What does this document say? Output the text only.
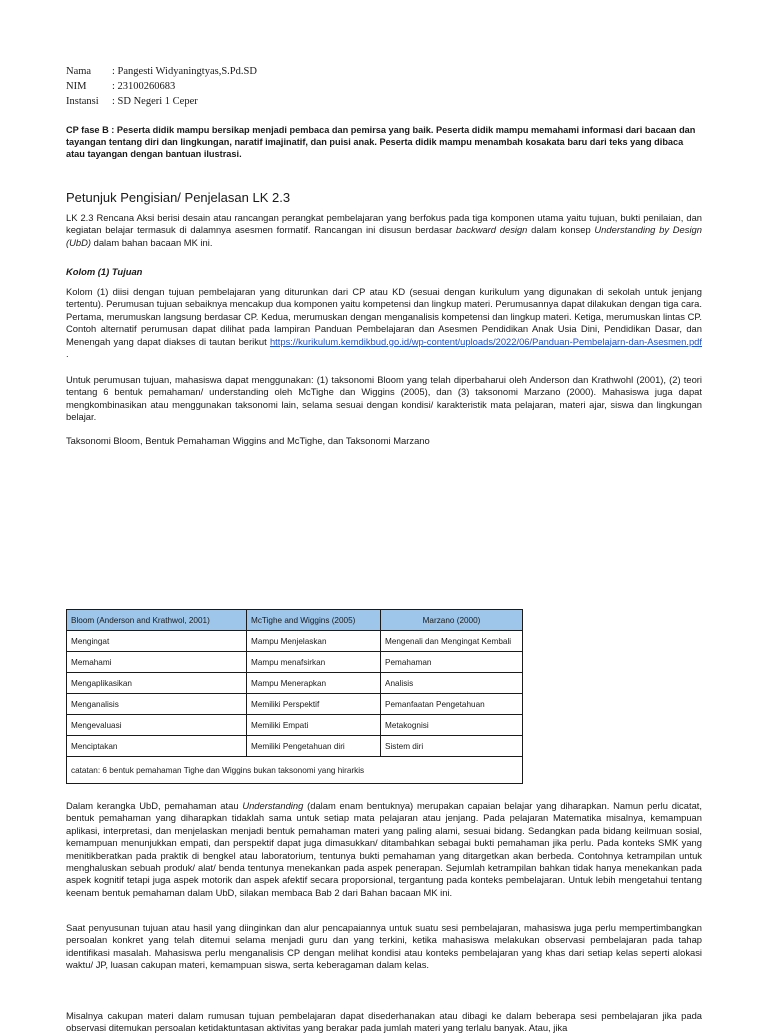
Nama	: Pangesti Widyaningtyas,S.Pd.SD
NIM	: 23100260683
Instansi	: SD Negeri 1 Ceper
CP fase B : Peserta didik mampu bersikap menjadi pembaca dan pemirsa yang baik. Peserta didik mampu memahami informasi dari bacaan dan tayangan tentang diri dan lingkungan, naratif imajinatif, dan puisi anak. Peserta didik mampu menambah kosakata baru dari teks yang dibaca atau tayangan dengan bantuan ilustrasi.
Petunjuk Pengisian/ Penjelasan LK 2.3
LK 2.3 Rencana Aksi berisi desain atau rancangan perangkat pembelajaran yang berfokus pada tiga komponen utama yaitu tujuan, bukti penilaian, dan kegiatan belajar termasuk di dalamnya asesmen formatif. Rancangan ini disusun berdasar backward design dalam konsep Understanding by Design (UbD) dalam bahan bacaan MK ini.
Kolom (1) Tujuan
Kolom (1) diisi dengan tujuan pembelajaran yang diturunkan dari CP atau KD (sesuai dengan kurikulum yang digunakan di sekolah untuk jenjang tertentu). Perumusan tujuan sebaiknya mencakup dua komponen yaitu kompetensi dan lingkup materi. Perumusannya dapat dilakukan dengan tiga cara. Pertama, merumuskan langsung berdasar CP. Kedua, merumuskan dengan menganalisis kompetensi dan lingkup materi. Ketiga, merumuskan lintas CP. Contoh alternatif perumusan dapat dilihat pada lampiran Panduan Pembelajaran dan Asesmen Pendidikan Anak Usia Dini, Pendidikan Dasar, dan Menengah yang dapat diakses di tautan berikut https://kurikulum.kemdikbud.go.id/wp-content/uploads/2022/06/Panduan-Pembelajarn-dan-Asesmen.pdf .
Untuk perumusan tujuan, mahasiswa dapat menggunakan: (1) taksonomi Bloom yang telah diperbaharui oleh Anderson dan Krathwohl (2001), (2) teori tentang 6 bentuk pemahaman/ understanding oleh McTighe dan Wiggins (2005), dan (3) taksonomi Marzano (2000). Mahasiswa juga dapat mengkombinasikan atau menggunakan taksonomi lain, selama sesuai dengan kondisi/ karakteristik mata pelajaran, materi ajar, siswa dan lingkungan belajar.
Taksonomi Bloom, Bentuk Pemahaman Wiggins and McTighe, dan Taksonomi Marzano
Bloom (Anderson and Krathwol, 2001)	McTighe and Wiggins (2005)	Marzano (2000)
Mengingat	Mampu Menjelaskan	Mengenali dan Mengingat Kembali
Memahami	Mampu menafsirkan	Pemahaman
Mengaplikasikan	Mampu Menerapkan	Analisis
Menganalisis	Memiliki Perspektif	Pemanfaatan Pengetahuan
Mengevaluasi	Memiliki Empati	Metakognisi
Menciptakan	Memiliki Pengetahuan diri	Sistem diri
catatan: 6 bentuk pemahaman Tighe dan Wiggins bukan taksonomi yang hirarkis		
Dalam kerangka UbD, pemahaman atau Understanding (dalam enam bentuknya) merupakan capaian belajar yang diharapkan. Namun perlu dicatat, bentuk pemahaman yang diharapkan tidaklah sama untuk setiap mata pelajaran atau jenjang. Pada pelajaran Matematika misalnya, kemampuan aplikasi, interpretasi, dan menjelaskan menjadi bentuk pemahaman materi yang paling alami, sesuai bidang. Sedangkan pada bidang keilmuan sosial, kemampuan menunjukkan empati, dan perspektif dapat juga dimasukkan/ ditambahkan sebagai bukti pemahaman jika perlu. Pada konteks SMK yang menitikberatkan pada praktik di bengkel atau laboratorium, tentunya bukti pemahaman yang ditargetkan akan berbeda. Contohnya ketrampilan untuk menghaluskan sebuah produk/ alat/ benda tentunya menekankan pada aspek penerapan. Sejumlah ketrampilan bahkan tidak hanya menekankan pada aspek kognitif tetapi juga aspek motorik dan aspek afektif secara proporsional, tergantung pada konteks pembelajaran. Untuk lebih mengetahui tentang keenam bentuk pemahaman dalam UbD, silakan membaca Bab 2 dari Bahan bacaan MK ini.
Saat penyusunan tujuan atau hasil yang diinginkan dan alur pencapaiannya untuk suatu sesi pembelajaran, mahasiswa juga perlu mempertimbangkan persoalan konkret yang telah ditemui selama menjadi guru dan yang terkini, ketika mahasiswa melakukan observasi pembelajaran pada tahap identifikasi masalah. Mahasiswa perlu menganalisis CP dengan melihat kondisi atau konteks pembelajaran yang khas dari setiap kelas seperti alokasi waktu/ JP, luasan cakupan materi, kemampuan siswa, serta keberagaman dalam kelas.
Misalnya cakupan materi dalam rumusan tujuan pembelajaran dapat disederhanakan atau dibagi ke dalam beberapa sesi pembelajaran jika pada observasi ditemukan persoalan ketidaktuntasan aktivitas yang berakar pada jumlah materi yang terlalu banyak. Atau, jika
